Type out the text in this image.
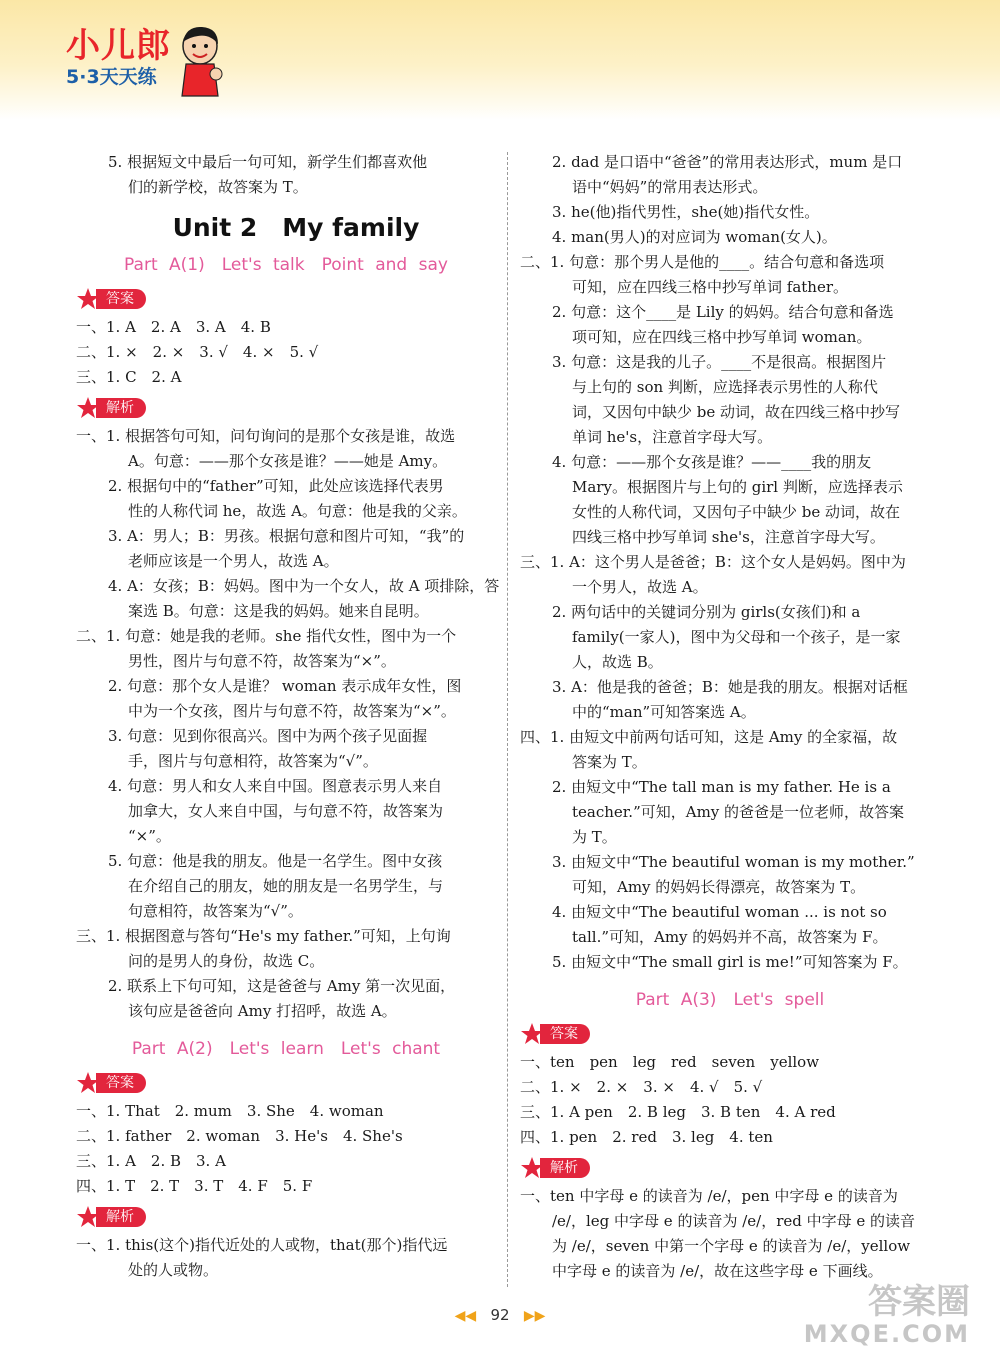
小儿郎
5·3天天练
5. 根据短文中最后一句可知，新学生们都喜欢他
们的新学校，故答案为 T。
Unit 2　My family
Part A(1)　Let's talk　Point and say
答案
一、1. A　2. A　3. A　4. B
二、1. ×　2. ×　3. √　4. ×　5. √
三、1. C　2. A
解析
一、1. 根据答句可知，问句询问的是那个女孩是谁，故选
A。句意：——那个女孩是谁？——她是 Amy。
2. 根据句中的“father”可知，此处应该选择代表男
性的人称代词 he，故选 A。句意：他是我的父亲。
3. A：男人；B：男孩。根据句意和图片可知，“我”的
老师应该是一个男人，故选 A。
4. A：女孩；B：妈妈。图中为一个女人，故 A 项排除，答
案选 B。句意：这是我的妈妈。她来自昆明。
二、1. 句意：她是我的老师。she 指代女性，图中为一个
男性，图片与句意不符，故答案为“×”。
2. 句意：那个女人是谁？ woman 表示成年女性，图
中为一个女孩，图片与句意不符，故答案为“×”。
3. 句意：见到你很高兴。图中为两个孩子见面握
手，图片与句意相符，故答案为“√”。
4. 句意：男人和女人来自中国。图意表示男人来自
加拿大，女人来自中国，与句意不符，故答案为
“×”。
5. 句意：他是我的朋友。他是一名学生。图中女孩
在介绍自己的朋友，她的朋友是一名男学生，与
句意相符，故答案为“√”。
三、1. 根据图意与答句“He's my father.”可知，上句询
问的是男人的身份，故选 C。
2. 联系上下句可知，这是爸爸与 Amy 第一次见面，
该句应是爸爸向 Amy 打招呼，故选 A。
Part A(2)　Let's learn　Let's chant
答案
一、1. That　2. mum　3. She　4. woman
二、1. father　2. woman　3. He's　4. She's
三、1. A　2. B　3. A
四、1. T　2. T　3. T　4. F　5. F
解析
一、1. this(这个)指代近处的人或物，that(那个)指代远
处的人或物。
2. dad 是口语中“爸爸”的常用表达形式，mum 是口
语中“妈妈”的常用表达形式。
3. he(他)指代男性，she(她)指代女性。
4. man(男人)的对应词为 woman(女人)。
二、1. 句意：那个男人是他的____。结合句意和备选项
可知，应在四线三格中抄写单词 father。
2. 句意：这个____是 Lily 的妈妈。结合句意和备选
项可知，应在四线三格中抄写单词 woman。
3. 句意：这是我的儿子。____不是很高。根据图片
与上句的 son 判断，应选择表示男性的人称代
词，又因句中缺少 be 动词，故在四线三格中抄写
单词 he's，注意首字母大写。
4. 句意：——那个女孩是谁？——____我的朋友
Mary。根据图片与上句的 girl 判断，应选择表示
女性的人称代词，又因句子中缺少 be 动词，故在
四线三格中抄写单词 she's，注意首字母大写。
三、1. A：这个男人是爸爸；B：这个女人是妈妈。图中为
一个男人，故选 A。
2. 两句话中的关键词分别为 girls(女孩们)和 a
family(一家人)，图中为父母和一个孩子，是一家
人，故选 B。
3. A：他是我的爸爸；B：她是我的朋友。根据对话框
中的“man”可知答案选 A。
四、1. 由短文中前两句话可知，这是 Amy 的全家福，故
答案为 T。
2. 由短文中“The tall man is my father. He is a
teacher.”可知，Amy 的爸爸是一位老师，故答案
为 T。
3. 由短文中“The beautiful woman is my mother.”
可知，Amy 的妈妈长得漂亮，故答案为 T。
4. 由短文中“The beautiful woman ... is not so
tall.”可知，Amy 的妈妈并不高，故答案为 F。
5. 由短文中“The small girl is me!”可知答案为 F。
Part A(3)　Let's spell
答案
一、ten　pen　leg　red　seven　yellow
二、1. ×　2. ×　3. ×　4. √　5. √
三、1. A pen　2. B leg　3. B ten　4. A red
四、1. pen　2. red　3. leg　4. ten
解析
一、ten 中字母 e 的读音为 /e/，pen 中字母 e 的读音为
/e/，leg 中字母 e 的读音为 /e/，red 中字母 e 的读音
为 /e/，seven 中第一个字母 e 的读音为 /e/，yellow
中字母 e 的读音为 /e/，故在这些字母 e 下画线。
◀◀ 92 ▶▶	答案圈
MXQE.COM
